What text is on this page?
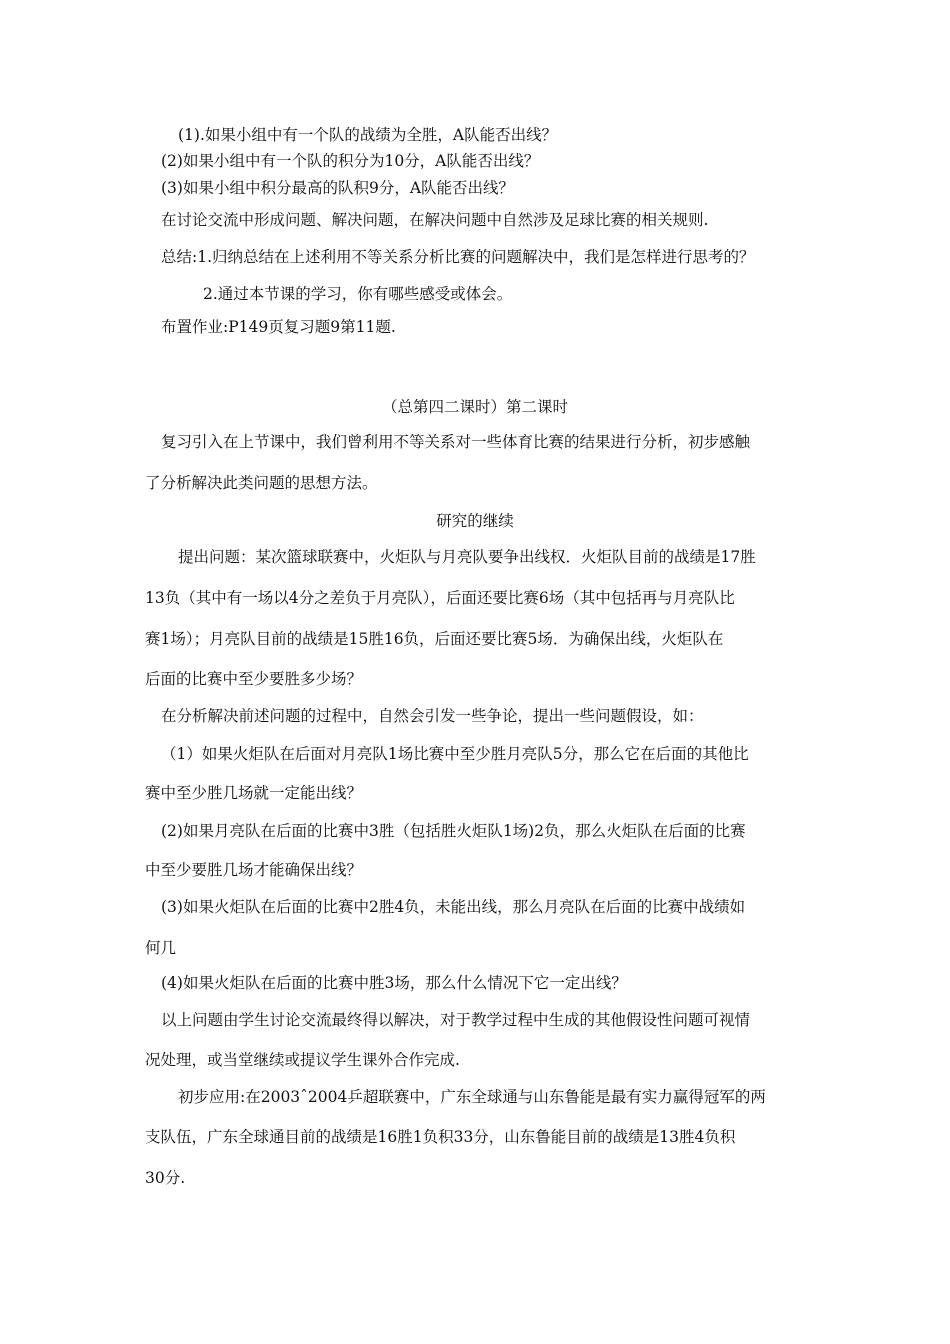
(1).如果小组中有一个队的战绩为全胜，A队能否出线？
(2)如果小组中有一个队的积分为10分，A队能否出线？
(3)如果小组中积分最高的队积9分，A队能否出线？
在讨论交流中形成问题、解决问题，在解决问题中自然涉及足球比赛的相关规则.
总结:1.归纳总结在上述利用不等关系分析比赛的问题解决中，我们是怎样进行思考的？
2.通过本节课的学习，你有哪些感受或体会。
布置作业:P149页复习题9第11题.
（总第四二课时）第二课时
复习引入在上节课中，我们曾利用不等关系对一些体育比赛的结果进行分析，初步感触
了分析解决此类问题的思想方法。
研究的继续
提出问题：某次篮球联赛中，火炬队与月亮队要争出线权．火炬队目前的战绩是17胜
13负（其中有一场以4分之差负于月亮队），后面还要比赛6场（其中包括再与月亮队比
赛1场）；月亮队目前的战绩是15胜16负，后面还要比赛5场．为确保出线，火炬队在
后面的比赛中至少要胜多少场？
在分析解决前述问题的过程中，自然会引发一些争论，提出一些问题假设，如：
（1）如果火炬队在后面对月亮队1场比赛中至少胜月亮队5分，那么它在后面的其他比
赛中至少胜几场就一定能出线？
(2)如果月亮队在后面的比赛中3胜（包括胜火炬队1场)2负，那么火炬队在后面的比赛
中至少要胜几场才能确保出线？
(3)如果火炬队在后面的比赛中2胜4负，未能出线，那么月亮队在后面的比赛中战绩如
何几
(4)如果火炬队在后面的比赛中胜3场，那么什么情况下它一定出线？
以上问题由学生讨论交流最终得以解决，对于教学过程中生成的其他假设性问题可视情
况处理，或当堂继续或提议学生课外合作完成.
初步应用:在2003ˆ2004乒超联赛中，广东全球通与山东鲁能是最有实力赢得冠军的两
支队伍，广东全球通目前的战绩是16胜1负积33分，山东鲁能目前的战绩是13胜4负积
30分.
